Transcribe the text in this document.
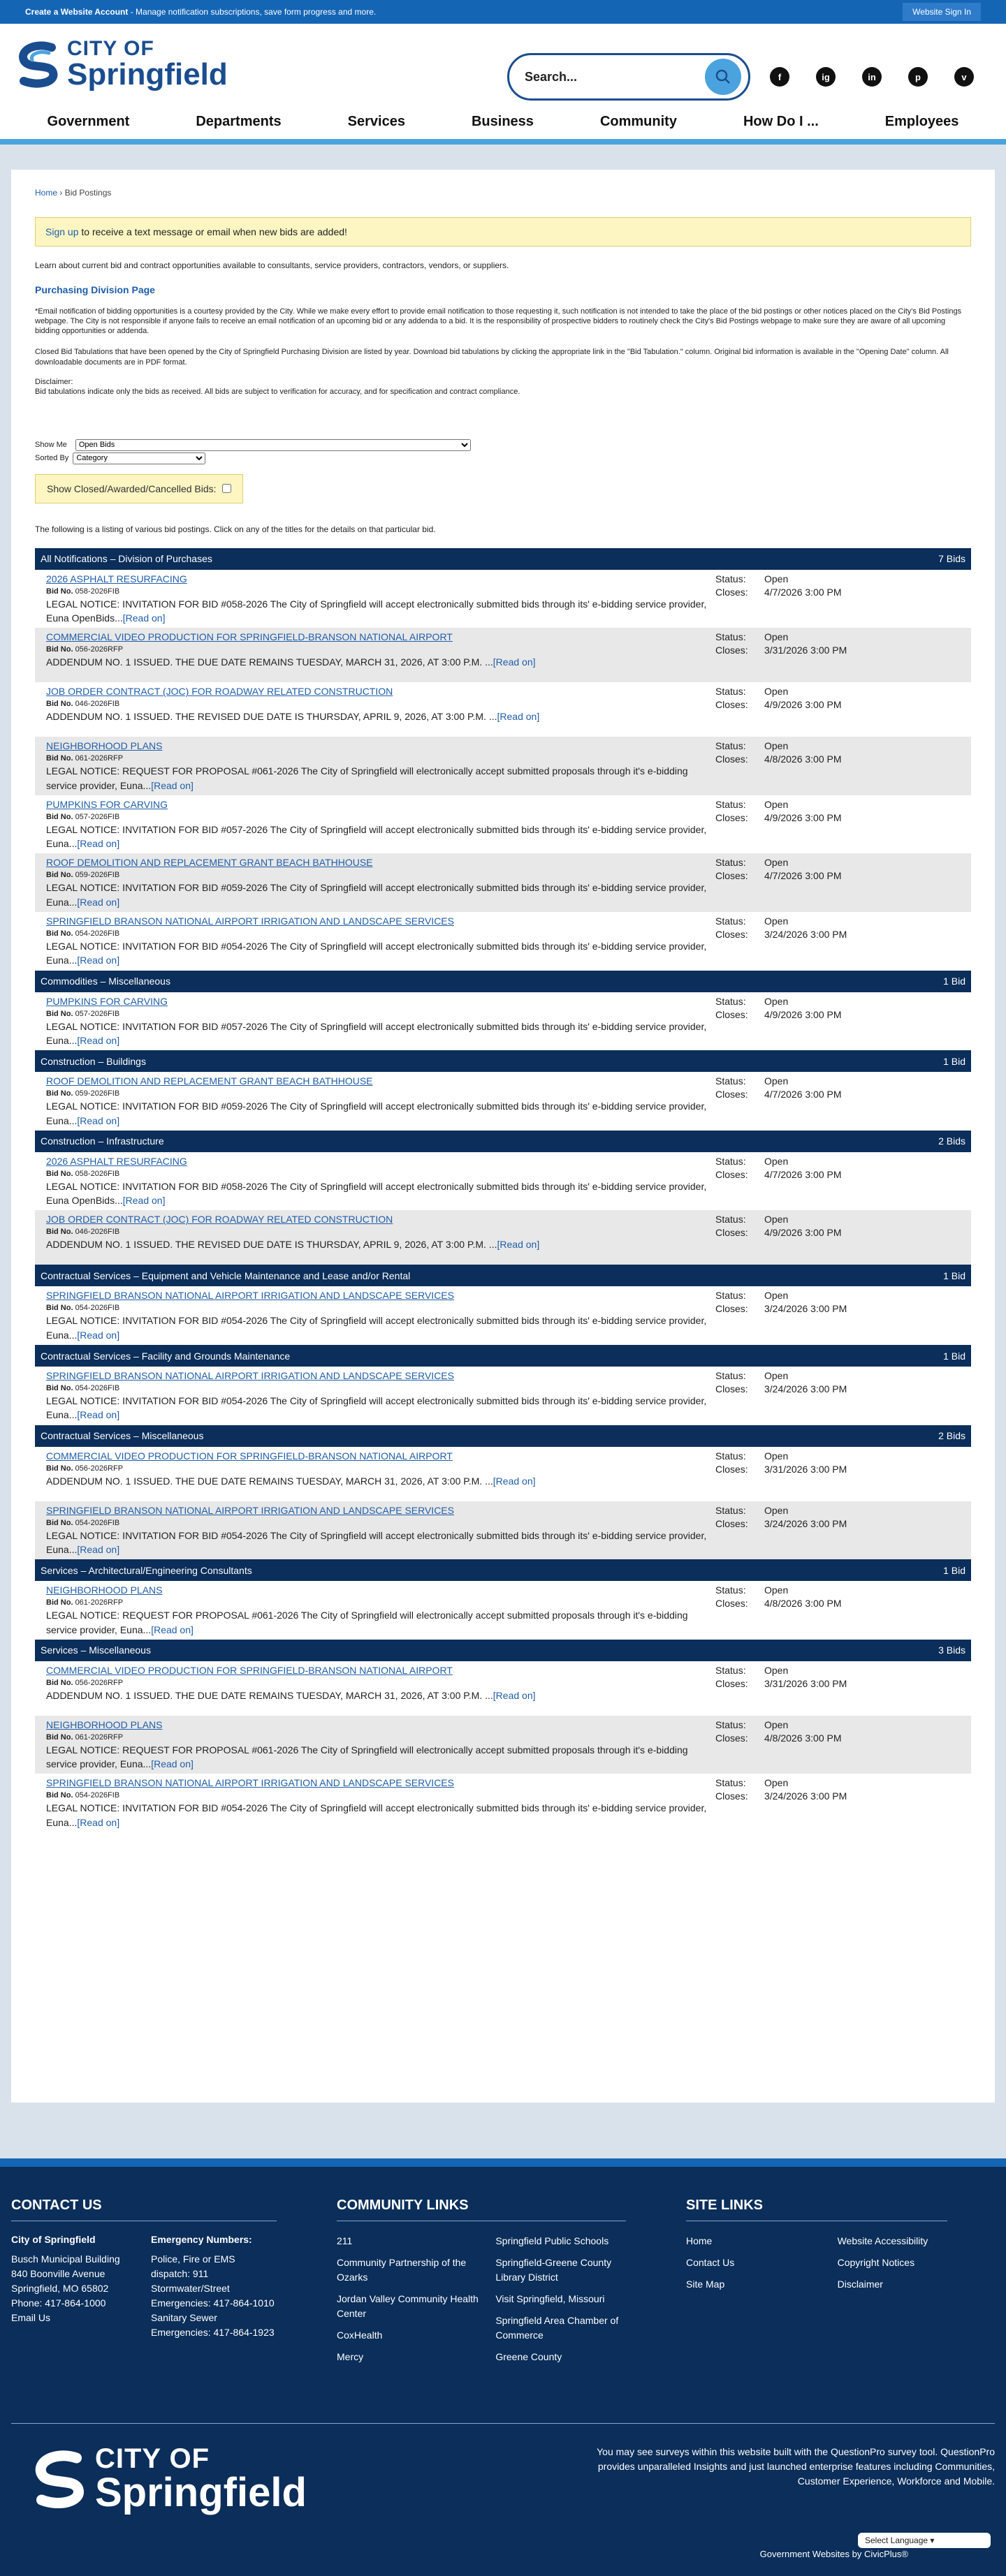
Create a Website Account - Manage notification subscriptions, save form progress and more.	Website Sign In
CITY OF
Springfield
Search...	f	ig	in	p	v
Government	Departments	Services	Business	Community	How Do I ...	Employees
Home › Bid Postings
Sign up to receive a text message or email when new bids are added!

Learn about current bid and contract opportunities available to consultants, service providers, contractors, vendors, or suppliers.

Purchasing Division Page

*Email notification of bidding opportunities is a courtesy provided by the City. While we make every effort to provide email notification to those requesting it, such notification is not intended to take the place of the bid postings or other notices placed on the City's Bid Postings webpage. The City is not responsible if anyone fails to receive an email notification of an upcoming bid or any addenda to a bid. It is the responsibility of prospective bidders to routinely check the City's Bid Postings webpage to make sure they are aware of all upcoming bidding opportunities or addenda.

Closed Bid Tabulations that have been opened by the City of Springfield Purchasing Division are listed by year. Download bid tabulations by clicking the appropriate link in the "Bid Tabulation." column. Original bid information is available in the "Opening Date" column. All downloadable documents are in PDF format.

Disclaimer:

Bid tabulations indicate only the bids as received. All bids are subject to verification for accuracy, and for specification and contract compliance.

Show Me
Open Bids
Sorted By
Category
Show Closed/Awarded/Cancelled Bids:

The following is a listing of various bid postings. Click on any of the titles for the details on that particular bid.

All Notifications – Division of Purchases	7 Bids
2026 ASPHALT RESURFACING
Bid No. 058-2026FIB
LEGAL NOTICE: INVITATION FOR BID #058-2026 The City of Springfield will accept electronically submitted bids through its' e-bidding service provider, Euna OpenBids...[Read on]
Status:	Open
Closes:	4/7/2026 3:00 PM
COMMERCIAL VIDEO PRODUCTION FOR SPRINGFIELD-BRANSON NATIONAL AIRPORT
Bid No. 056-2026RFP
ADDENDUM NO. 1 ISSUED. THE DUE DATE REMAINS TUESDAY, MARCH 31, 2026, AT 3:00 P.M. ...[Read on]
Status:	Open
Closes:	3/31/2026 3:00 PM
JOB ORDER CONTRACT (JOC) FOR ROADWAY RELATED CONSTRUCTION
Bid No. 046-2026FIB
ADDENDUM NO. 1 ISSUED. THE REVISED DUE DATE IS THURSDAY, APRIL 9, 2026, AT 3:00 P.M. ...[Read on]
Status:	Open
Closes:	4/9/2026 3:00 PM
NEIGHBORHOOD PLANS
Bid No. 061-2026RFP
LEGAL NOTICE: REQUEST FOR PROPOSAL #061-2026 The City of Springfield will electronically accept submitted proposals through it's e-bidding service provider, Euna...[Read on]
Status:	Open
Closes:	4/8/2026 3:00 PM
PUMPKINS FOR CARVING
Bid No. 057-2026FIB
LEGAL NOTICE: INVITATION FOR BID #057-2026 The City of Springfield will accept electronically submitted bids through its' e-bidding service provider, Euna...[Read on]
Status:	Open
Closes:	4/9/2026 3:00 PM
ROOF DEMOLITION AND REPLACEMENT GRANT BEACH BATHHOUSE
Bid No. 059-2026FIB
LEGAL NOTICE: INVITATION FOR BID #059-2026 The City of Springfield will accept electronically submitted bids through its' e-bidding service provider, Euna...[Read on]
Status:	Open
Closes:	4/7/2026 3:00 PM
SPRINGFIELD BRANSON NATIONAL AIRPORT IRRIGATION AND LANDSCAPE SERVICES
Bid No. 054-2026FIB
LEGAL NOTICE: INVITATION FOR BID #054-2026 The City of Springfield will accept electronically submitted bids through its' e-bidding service provider, Euna...[Read on]
Status:	Open
Closes:	3/24/2026 3:00 PM
Commodities – Miscellaneous	1 Bid
PUMPKINS FOR CARVING
Bid No. 057-2026FIB
LEGAL NOTICE: INVITATION FOR BID #057-2026 The City of Springfield will accept electronically submitted bids through its' e-bidding service provider, Euna...[Read on]
Status:	Open
Closes:	4/9/2026 3:00 PM
Construction – Buildings	1 Bid
ROOF DEMOLITION AND REPLACEMENT GRANT BEACH BATHHOUSE
Bid No. 059-2026FIB
LEGAL NOTICE: INVITATION FOR BID #059-2026 The City of Springfield will accept electronically submitted bids through its' e-bidding service provider, Euna...[Read on]
Status:	Open
Closes:	4/7/2026 3:00 PM
Construction – Infrastructure	2 Bids
2026 ASPHALT RESURFACING
Bid No. 058-2026FIB
LEGAL NOTICE: INVITATION FOR BID #058-2026 The City of Springfield will accept electronically submitted bids through its' e-bidding service provider, Euna OpenBids...[Read on]
Status:	Open
Closes:	4/7/2026 3:00 PM
JOB ORDER CONTRACT (JOC) FOR ROADWAY RELATED CONSTRUCTION
Bid No. 046-2026FIB
ADDENDUM NO. 1 ISSUED. THE REVISED DUE DATE IS THURSDAY, APRIL 9, 2026, AT 3:00 P.M. ...[Read on]
Status:	Open
Closes:	4/9/2026 3:00 PM
Contractual Services – Equipment and Vehicle Maintenance and Lease and/or Rental	1 Bid
SPRINGFIELD BRANSON NATIONAL AIRPORT IRRIGATION AND LANDSCAPE SERVICES
Bid No. 054-2026FIB
LEGAL NOTICE: INVITATION FOR BID #054-2026 The City of Springfield will accept electronically submitted bids through its' e-bidding service provider, Euna...[Read on]
Status:	Open
Closes:	3/24/2026 3:00 PM
Contractual Services – Facility and Grounds Maintenance	1 Bid
SPRINGFIELD BRANSON NATIONAL AIRPORT IRRIGATION AND LANDSCAPE SERVICES
Bid No. 054-2026FIB
LEGAL NOTICE: INVITATION FOR BID #054-2026 The City of Springfield will accept electronically submitted bids through its' e-bidding service provider, Euna...[Read on]
Status:	Open
Closes:	3/24/2026 3:00 PM
Contractual Services – Miscellaneous	2 Bids
COMMERCIAL VIDEO PRODUCTION FOR SPRINGFIELD-BRANSON NATIONAL AIRPORT
Bid No. 056-2026RFP
ADDENDUM NO. 1 ISSUED. THE DUE DATE REMAINS TUESDAY, MARCH 31, 2026, AT 3:00 P.M. ...[Read on]
Status:	Open
Closes:	3/31/2026 3:00 PM
SPRINGFIELD BRANSON NATIONAL AIRPORT IRRIGATION AND LANDSCAPE SERVICES
Bid No. 054-2026FIB
LEGAL NOTICE: INVITATION FOR BID #054-2026 The City of Springfield will accept electronically submitted bids through its' e-bidding service provider, Euna...[Read on]
Status:	Open
Closes:	3/24/2026 3:00 PM
Services – Architectural/Engineering Consultants	1 Bid
NEIGHBORHOOD PLANS
Bid No. 061-2026RFP
LEGAL NOTICE: REQUEST FOR PROPOSAL #061-2026 The City of Springfield will electronically accept submitted proposals through it's e-bidding service provider, Euna...[Read on]
Status:	Open
Closes:	4/8/2026 3:00 PM
Services – Miscellaneous	3 Bids
COMMERCIAL VIDEO PRODUCTION FOR SPRINGFIELD-BRANSON NATIONAL AIRPORT
Bid No. 056-2026RFP
ADDENDUM NO. 1 ISSUED. THE DUE DATE REMAINS TUESDAY, MARCH 31, 2026, AT 3:00 P.M. ...[Read on]
Status:	Open
Closes:	3/31/2026 3:00 PM
NEIGHBORHOOD PLANS
Bid No. 061-2026RFP
LEGAL NOTICE: REQUEST FOR PROPOSAL #061-2026 The City of Springfield will electronically accept submitted proposals through it's e-bidding service provider, Euna...[Read on]
Status:	Open
Closes:	4/8/2026 3:00 PM
SPRINGFIELD BRANSON NATIONAL AIRPORT IRRIGATION AND LANDSCAPE SERVICES
Bid No. 054-2026FIB
LEGAL NOTICE: INVITATION FOR BID #054-2026 The City of Springfield will accept electronically submitted bids through its' e-bidding service provider, Euna...[Read on]
Status:	Open
Closes:	3/24/2026 3:00 PM
CONTACT US
City of Springfield

Busch Municipal Building

840 Boonville Avenue

Springfield, MO 65802

Phone: 417-864-1000

Email Us
Emergency Numbers:

Police, Fire or EMS dispatch: 911

Stormwater/Street Emergencies: 417-864-1010

Sanitary Sewer Emergencies: 417-864-1923

COMMUNITY LINKS
211
Community Partnership of the Ozarks
Jordan Valley Community Health Center
CoxHealth
Mercy
Springfield Public Schools
Springfield-Greene County Library District
Visit Springfield, Missouri
Springfield Area Chamber of Commerce
Greene County
SITE LINKS
Home
Contact Us
Site Map
Website Accessibility
Copyright Notices
Disclaimer
CITY OF
Springfield
You may see surveys within this website built with the QuestionPro survey tool. QuestionPro provides unparalleled Insights and just launched enterprise features including Communities, Customer Experience, Workforce and Mobile.
Government Websites by CivicPlus®
Select Language ▾
